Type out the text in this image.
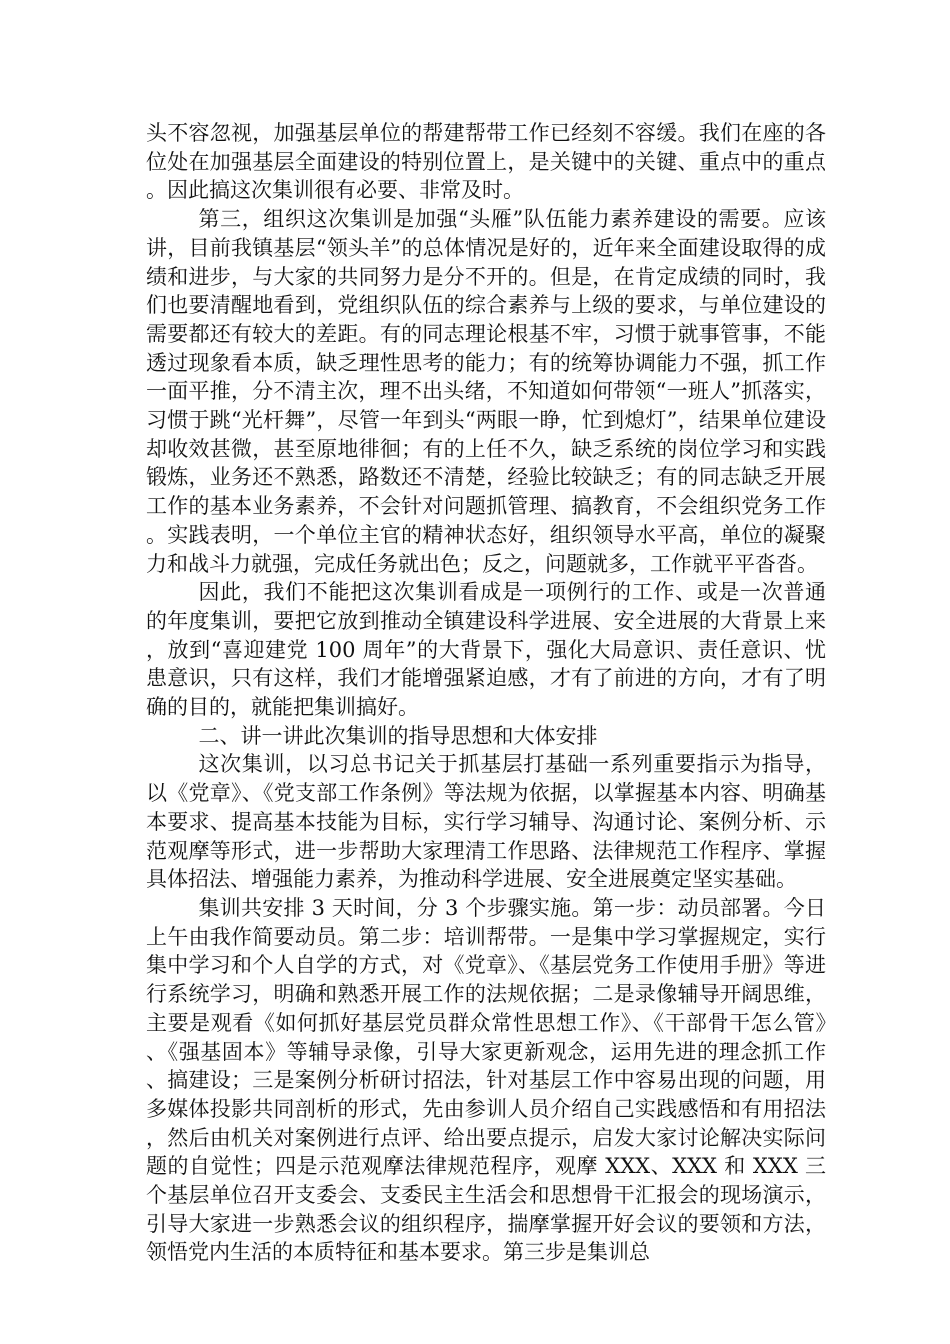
头不容忽视，加强基层单位的帮建帮带工作已经刻不容缓。我们在座的各位处在加强基层全面建设的特别位置上，是关键中的关键、重点中的重点。因此搞这次集训很有必要、非常及时。

第三，组织这次集训是加强“头雁”队伍能力素养建设的需要。应该讲，目前我镇基层“领头羊”的总体情况是好的，近年来全面建设取得的成绩和进步，与大家的共同努力是分不开的。但是，在肯定成绩的同时，我们也要清醒地看到，党组织队伍的综合素养与上级的要求，与单位建设的需要都还有较大的差距。有的同志理论根基不牢，习惯于就事管事，不能透过现象看本质，缺乏理性思考的能力；有的统筹协调能力不强，抓工作一面平推，分不清主次，理不出头绪，不知道如何带领“一班人”抓落实，习惯于跳“光杆舞”，尽管一年到头“两眼一睁，忙到熄灯”，结果单位建设却收效甚微，甚至原地徘徊；有的上任不久，缺乏系统的岗位学习和实践锻炼，业务还不熟悉，路数还不清楚，经验比较缺乏；有的同志缺乏开展工作的基本业务素养，不会针对问题抓管理、搞教育，不会组织党务工作。实践表明，一个单位主官的精神状态好，组织领导水平高，单位的凝聚力和战斗力就强，完成任务就出色；反之，问题就多，工作就平平沓沓。

因此，我们不能把这次集训看成是一项例行的工作、或是一次普通的年度集训，要把它放到推动全镇建设科学进展、安全进展的大背景上来，放到“喜迎建党 100 周年”的大背景下，强化大局意识、责任意识、忧患意识，只有这样，我们才能增强紧迫感，才有了前进的方向，才有了明确的目的，就能把集训搞好。

二、讲一讲此次集训的指导思想和大体安排

这次集训，以习总书记关于抓基层打基础一系列重要指示为指导，以《党章》、《党支部工作条例》等法规为依据，以掌握基本内容、明确基本要求、提高基本技能为目标，实行学习辅导、沟通讨论、案例分析、示范观摩等形式，进一步帮助大家理清工作思路、法律规范工作程序、掌握具体招法、增强能力素养，为推动科学进展、安全进展奠定坚实基础。

集训共安排 3 天时间，分 3 个步骤实施。第一步：动员部署。今日上午由我作简要动员。第二步：培训帮带。一是集中学习掌握规定，实行集中学习和个人自学的方式，对《党章》、《基层党务工作使用手册》等进行系统学习，明确和熟悉开展工作的法规依据；二是录像辅导开阔思维，主要是观看《如何抓好基层党员群众常性思想工作》、《干部骨干怎么管》、《强基固本》等辅导录像，引导大家更新观念，运用先进的理念抓工作、搞建设；三是案例分析研讨招法，针对基层工作中容易出现的问题，用多媒体投影共同剖析的形式，先由参训人员介绍自己实践感悟和有用招法，然后由机关对案例进行点评、给出要点提示，启发大家讨论解决实际问题的自觉性；四是示范观摩法律规范程序，观摩 XXX、XXX 和 XXX 三个基层单位召开支委会、支委民主生活会和思想骨干汇报会的现场演示，引导大家进一步熟悉会议的组织程序，揣摩掌握开好会议的要领和方法，领悟党内生活的本质特征和基本要求。第三步是集训总
